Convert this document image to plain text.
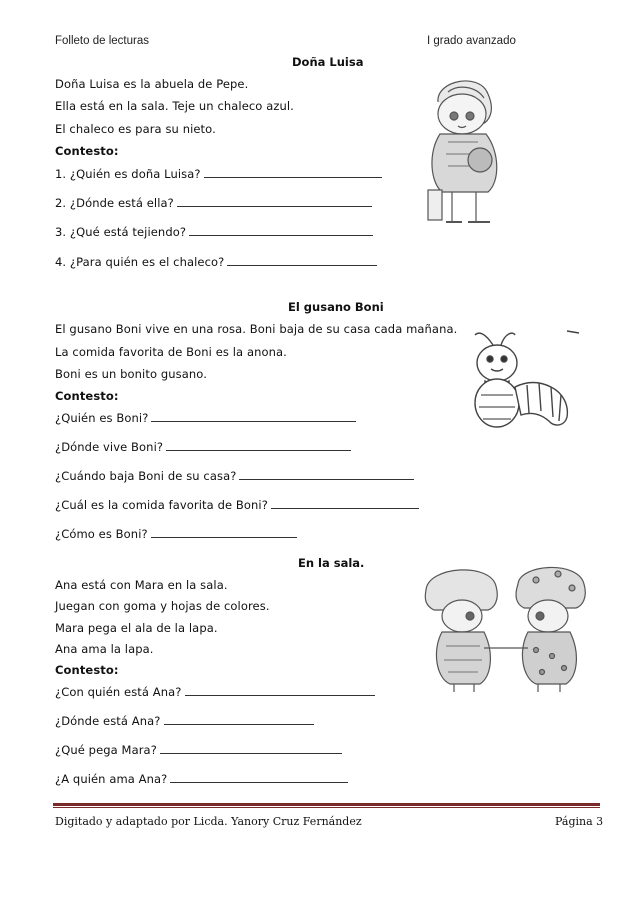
Folleto de lecturas	I grado avanzado
Doña Luisa
Doña Luisa es la abuela de Pepe.
Ella está en la sala. Teje un chaleco azul.
El chaleco es para su nieto.
Contesto:
1. ¿Quién es doña Luisa?
2. ¿Dónde está ella?
3. ¿Qué está tejiendo?
4. ¿Para quién es el chaleco?
El gusano Boni
El gusano Boni vive en una rosa. Boni baja de su casa cada mañana.
La comida favorita de Boni es la anona.
Boni es un bonito gusano.
Contesto:
¿Quién es Boni?
¿Dónde vive Boni?
¿Cuándo baja Boni de su casa?
¿Cuál es la comida favorita de Boni?
¿Cómo es Boni?
En la sala.
Ana está con Mara en la sala.
Juegan con goma y hojas de colores.
Mara pega el ala de la lapa.
Ana ama la lapa.
Contesto:
¿Con quién está Ana?
¿Dónde está Ana?
¿Qué pega Mara?
¿A quién ama Ana?
Digitado y adaptado por Licda. Yanory Cruz Fernández	Página 3
